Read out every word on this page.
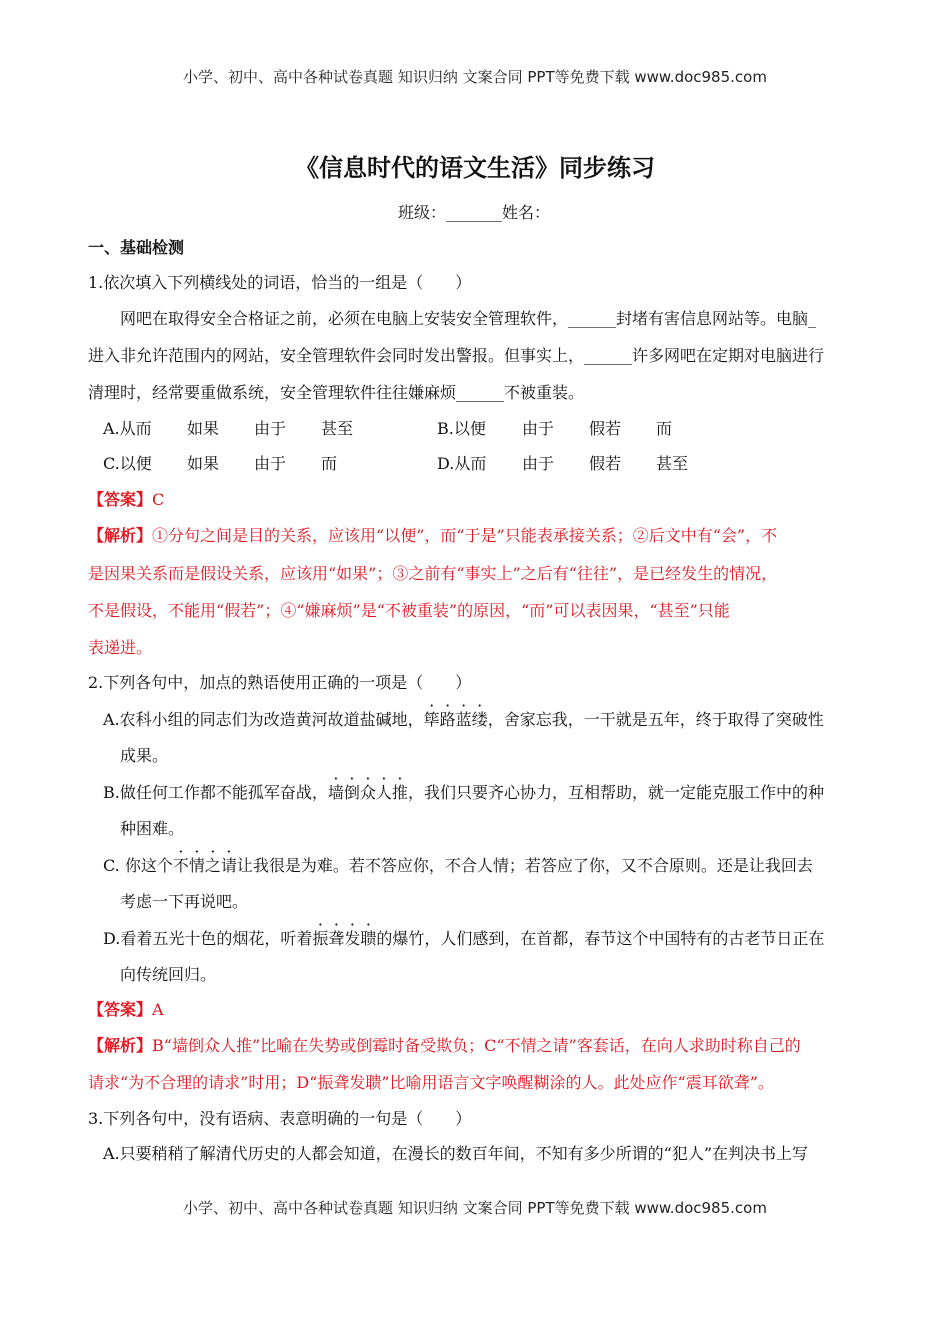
小学、初中、高中各种试卷真题 知识归纳 文案合同 PPT等免费下载 www.doc985.com
《信息时代的语文生活》同步练习
班级：_______姓名：
一、基础检测
1.依次填入下列横线处的词语，恰当的一组是（　　）
网吧在取得安全合格证之前，必须在电脑上安装安全管理软件，______封堵有害信息网站等。电脑_
进入非允许范围内的网站，安全管理软件会同时发出警报。但事实上，______许多网吧在定期对电脑进行
清理时，经常要重做系统，安全管理软件往往嫌麻烦______不被重装。
A.从而 如果 由于 甚至	B.以便 由于 假若 而
C.以便 如果 由于 而	D.从而 由于 假若 甚至
【答案】C
【解析】①分句之间是目的关系，应该用“以便”，而“于是”只能表承接关系；②后文中有“会”，不
是因果关系而是假设关系，应该用“如果”；③之前有“事实上”之后有“往往”，是已经发生的情况，
不是假设，不能用“假若”；④“嫌麻烦”是“不被重装”的原因，“而”可以表因果，“甚至”只能
表递进。
2.下列各句中，加点的熟语使用正确的一项是（　　）
A.农科小组的同志们为改造黄河故道盐碱地，筚路蓝缕，舍家忘我，一干就是五年，终于取得了突破性
成果。
B.做任何工作都不能孤军奋战，墙倒众人推，我们只要齐心协力，互相帮助，就一定能克服工作中的种
种困难。
C. 你这个不情之请让我很是为难。若不答应你，不合人情；若答应了你，又不合原则。还是让我回去
考虑一下再说吧。
D.看着五光十色的烟花，听着振聋发聩的爆竹，人们感到，在首都，春节这个中国特有的古老节日正在
向传统回归。
【答案】A
【解析】B“墙倒众人推”比喻在失势或倒霉时备受欺负；C“不情之请”客套话，在向人求助时称自己的
请求“为不合理的请求”时用；D“振聋发聩”比喻用语言文字唤醒糊涂的人。此处应作“震耳欲聋”。
3.下列各句中，没有语病、表意明确的一句是（　　）
A.只要稍稍了解清代历史的人都会知道，在漫长的数百年间，不知有多少所谓的“犯人”在判决书上写
小学、初中、高中各种试卷真题 知识归纳 文案合同 PPT等免费下载 www.doc985.com
